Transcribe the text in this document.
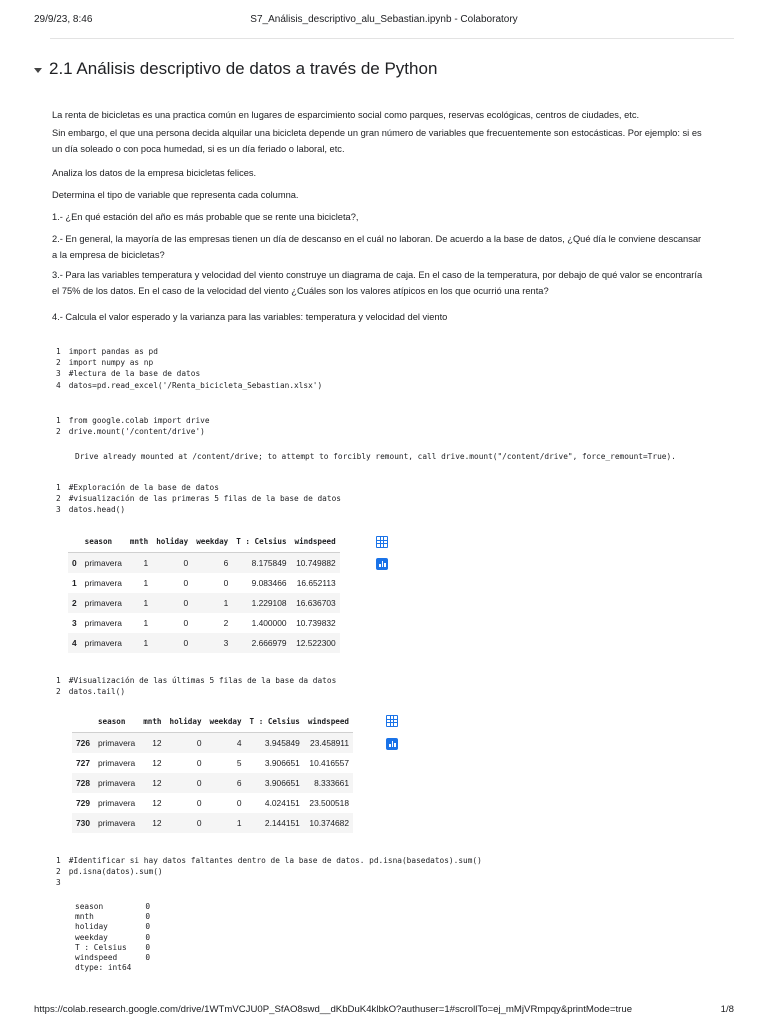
29/9/23, 8:46	S7_Análisis_descriptivo_alu_Sebastian.ipynb - Colaboratory
2.1 Análisis descriptivo de datos a través de Python

La renta de bicicletas es una practica común en lugares de esparcimiento social como parques, reservas ecológicas, centros de ciudades, etc.

Sin embargo, el que una persona decida alquilar una bicicleta depende un gran número de variables que frecuentemente son estocásticas. Por ejemplo: si es un día soleado o con poca humedad, si es un día feriado o laboral, etc.

Analiza los datos de la empresa bicicletas felices.

Determina el tipo de variable que representa cada columna.

1.- ¿En qué estación del año es más probable que se rente una bicicleta?,

2.- En general, la mayoría de las empresas tienen un día de descanso en el cuál no laboran. De acuerdo a la base de datos, ¿Qué día le conviene descansar a la empresa de bicicletas?

3.- Para las variables temperatura y velocidad del viento construye un diagrama de caja. En el caso de la temperatura, por debajo de qué valor se encontraría el 75% de los datos. En el caso de la velocidad del viento ¿Cuáles son los valores atípicos en los que ocurrió una renta?

4.- Calcula el valor esperado y la varianza para las variables: temperatura y velocidad del viento

1 import pandas as pd
2 import numpy as np
3 #lectura de la base de datos
4 datos=pd.read_excel('/Renta_bicicleta_Sebastian.xlsx')
1 from google.colab import drive
2 drive.mount('/content/drive')
Drive already mounted at /content/drive; to attempt to forcibly remount, call drive.mount("/content/drive", force_remount=True).
1 #Exploración de la base de datos
2 #visualización de las primeras 5 filas de la base de datos
3 datos.head()
	season	mnth	holiday	weekday	T : Celsius	windspeed
0	primavera	1	0	6	8.175849	10.749882
1	primavera	1	0	0	9.083466	16.652113
2	primavera	1	0	1	1.229108	16.636703
3	primavera	1	0	2	1.400000	10.739832
4	primavera	1	0	3	2.666979	12.522300
1 #Visualización de las últimas 5 filas de la base da datos
2 datos.tail()
	season	mnth	holiday	weekday	T : Celsius	windspeed
726	primavera	12	0	4	3.945849	23.458911
727	primavera	12	0	5	3.906651	10.416557
728	primavera	12	0	6	3.906651	8.333661
729	primavera	12	0	0	4.024151	23.500518
730	primavera	12	0	1	2.144151	10.374682
1 #Identificar si hay datos faltantes dentro de la base de datos. pd.isna(basedatos).sum()
2 pd.isna(datos).sum()
3
season         0
mnth           0
holiday        0
weekday        0
T : Celsius    0
windspeed      0
dtype: int64
https://colab.research.google.com/drive/1WTmVCJU0P_SfAO8swd__dKbDuK4klbkO?authuser=1#scrollTo=ej_mMjVRmpqy&printMode=true	1/8
